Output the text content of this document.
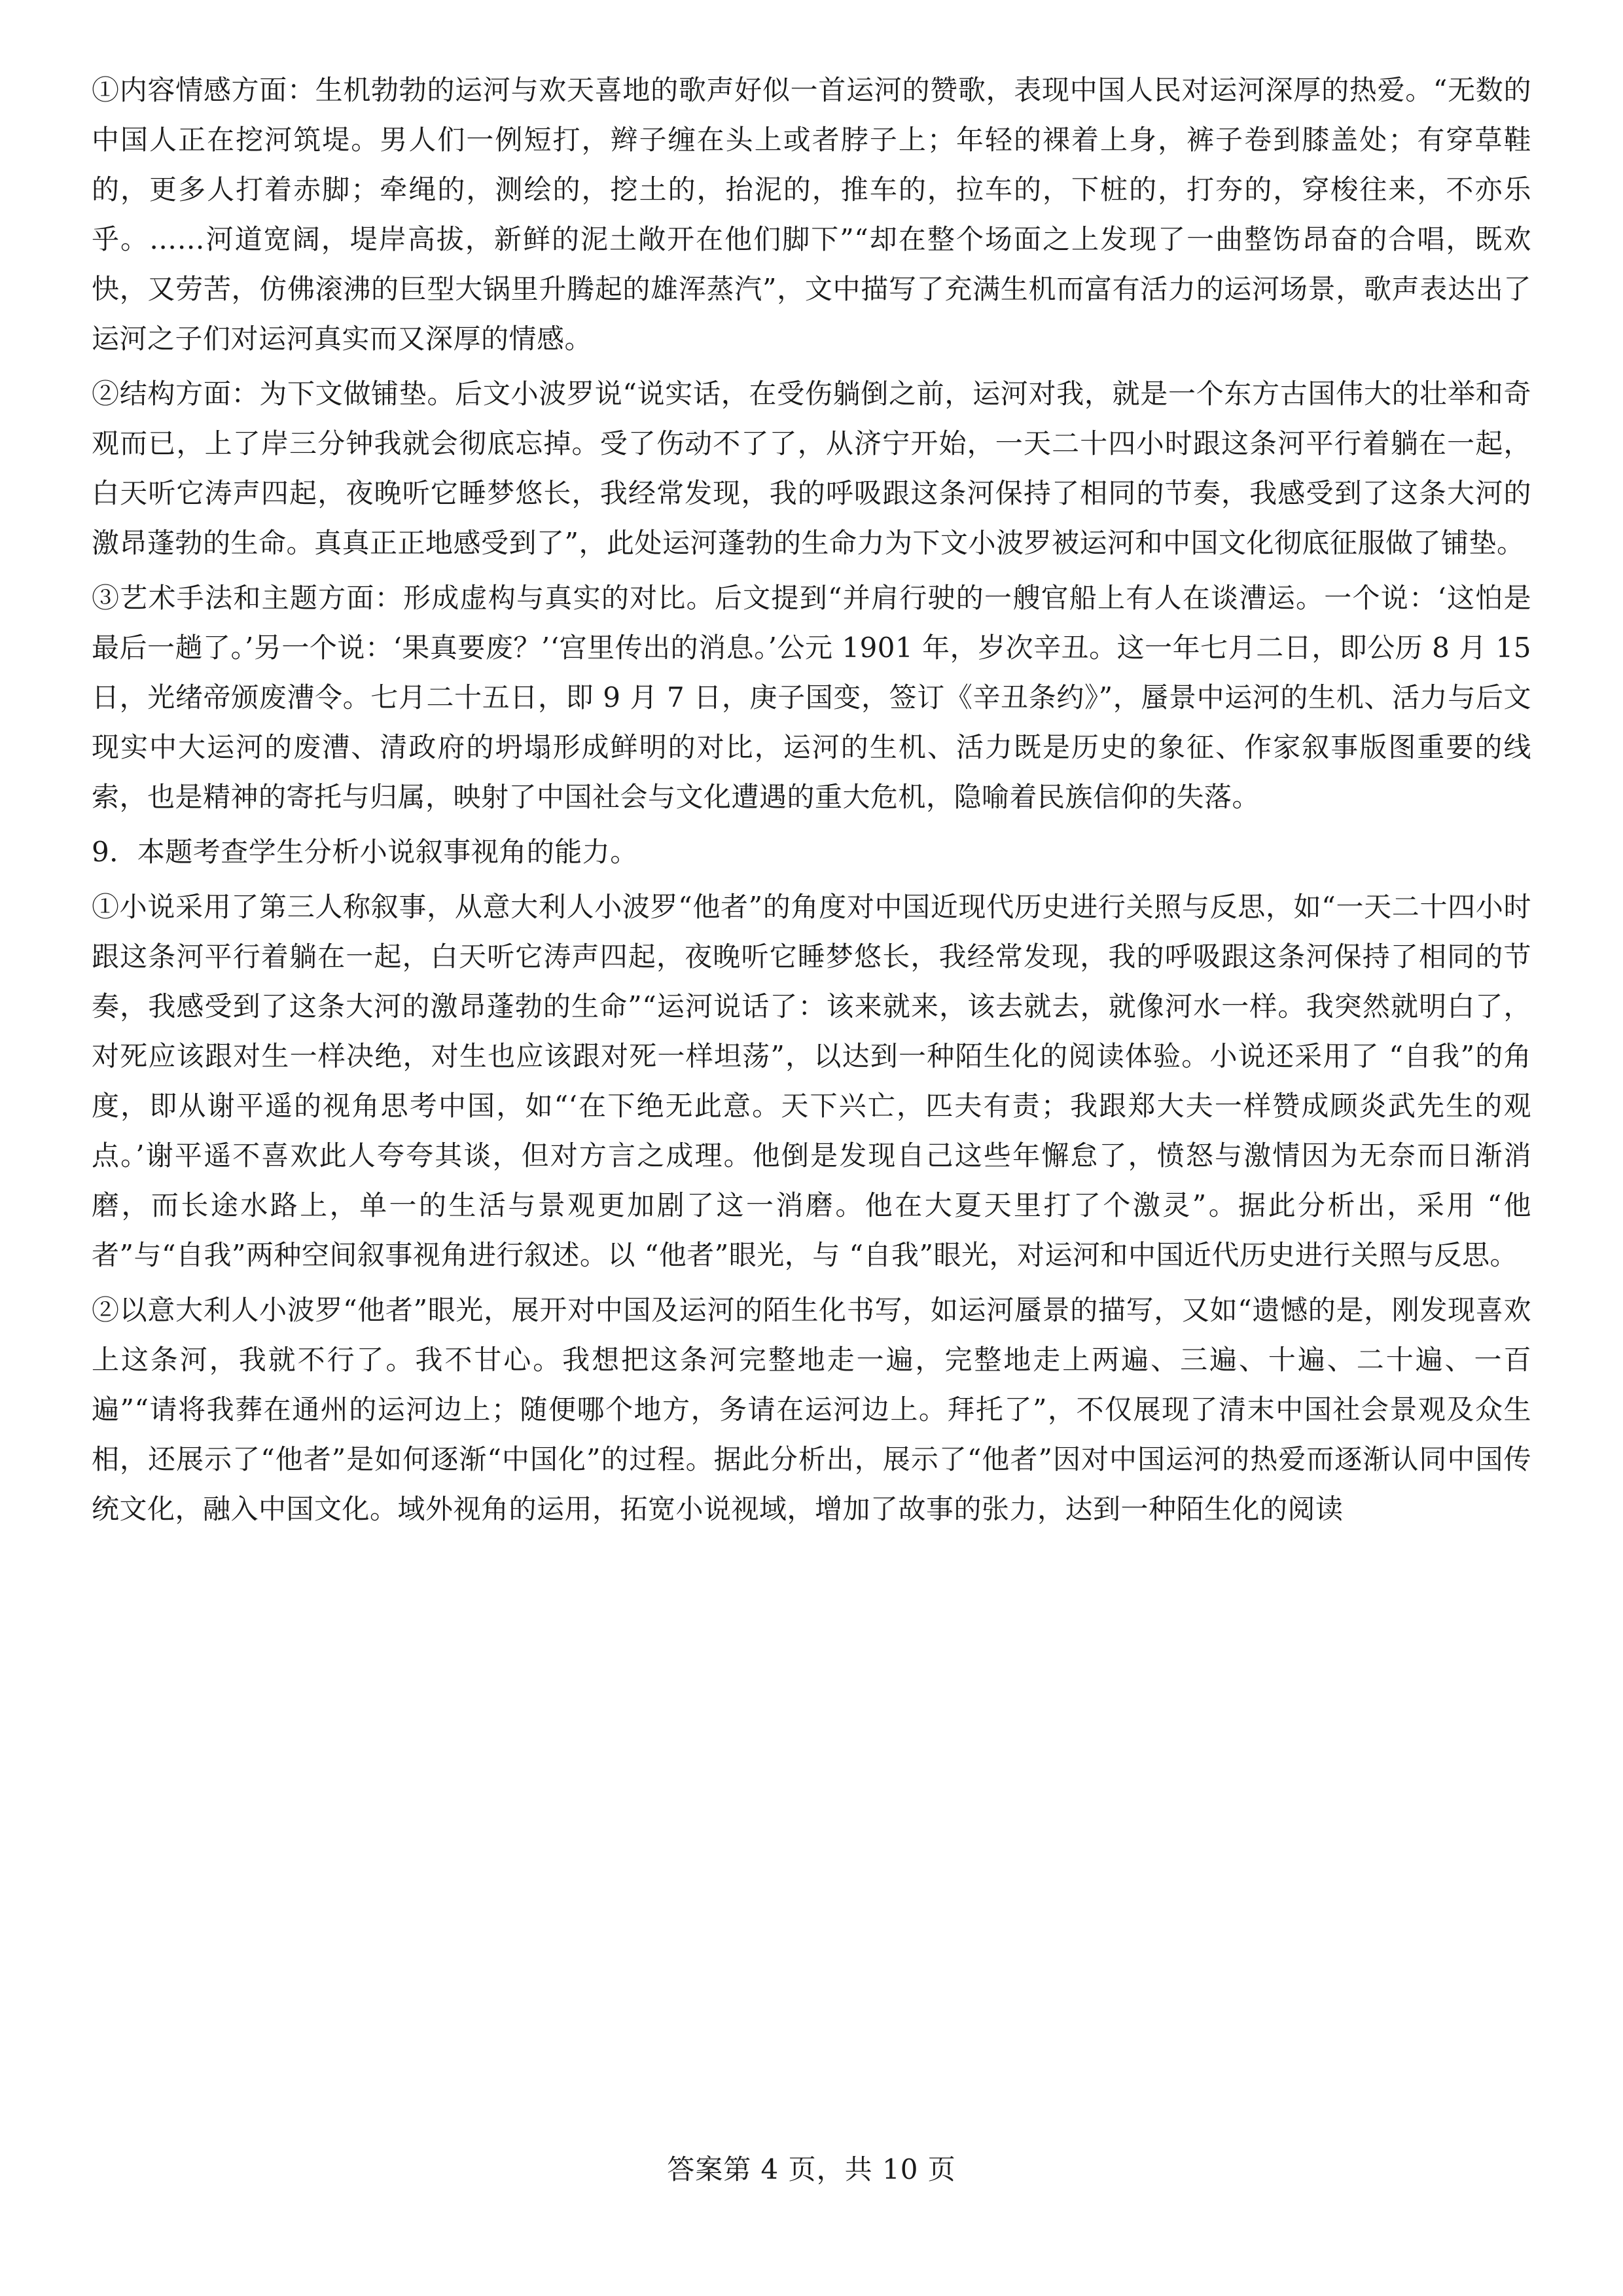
①内容情感方面：生机勃勃的运河与欢天喜地的歌声好似一首运河的赞歌，表现中国人民对运河深厚的热爱。“无数的中国人正在挖河筑堤。男人们一例短打，辫子缠在头上或者脖子上；年轻的裸着上身，裤子卷到膝盖处；有穿草鞋的，更多人打着赤脚；牵绳的，测绘的，挖土的，抬泥的，推车的，拉车的，下桩的，打夯的，穿梭往来，不亦乐乎。……河道宽阔，堤岸高拔，新鲜的泥土敞开在他们脚下”“却在整个场面之上发现了一曲整饬昂奋的合唱，既欢快，又劳苦，仿佛滚沸的巨型大锅里升腾起的雄浑蒸汽”，文中描写了充满生机而富有活力的运河场景，歌声表达出了运河之子们对运河真实而又深厚的情感。

②结构方面：为下文做铺垫。后文小波罗说“说实话，在受伤躺倒之前，运河对我，就是一个东方古国伟大的壮举和奇观而已，上了岸三分钟我就会彻底忘掉。受了伤动不了了，从济宁开始，一天二十四小时跟这条河平行着躺在一起，白天听它涛声四起，夜晚听它睡梦悠长，我经常发现，我的呼吸跟这条河保持了相同的节奏，我感受到了这条大河的激昂蓬勃的生命。真真正正地感受到了”，此处运河蓬勃的生命力为下文小波罗被运河和中国文化彻底征服做了铺垫。

③艺术手法和主题方面：形成虚构与真实的对比。后文提到“并肩行驶的一艘官船上有人在谈漕运。一个说：‘这怕是最后一趟了。’另一个说：‘果真要废？’‘宫里传出的消息。’公元 1901 年，岁次辛丑。这一年七月二日，即公历 8 月 15 日，光绪帝颁废漕令。七月二十五日，即 9 月 7 日，庚子国变，签订《辛丑条约》”，蜃景中运河的生机、活力与后文现实中大运河的废漕、清政府的坍塌形成鲜明的对比，运河的生机、活力既是历史的象征、作家叙事版图重要的线索，也是精神的寄托与归属，映射了中国社会与文化遭遇的重大危机，隐喻着民族信仰的失落。

9．本题考查学生分析小说叙事视角的能力。

①小说采用了第三人称叙事，从意大利人小波罗“他者”的角度对中国近现代历史进行关照与反思，如“一天二十四小时跟这条河平行着躺在一起，白天听它涛声四起，夜晚听它睡梦悠长，我经常发现，我的呼吸跟这条河保持了相同的节奏，我感受到了这条大河的激昂蓬勃的生命”“运河说话了：该来就来，该去就去，就像河水一样。我突然就明白了，对死应该跟对生一样决绝，对生也应该跟对死一样坦荡”，以达到一种陌生化的阅读体验。小说还采用了 “自我”的角度，即从谢平遥的视角思考中国，如“‘在下绝无此意。天下兴亡，匹夫有责；我跟郑大夫一样赞成顾炎武先生的观点。’谢平遥不喜欢此人夸夸其谈，但对方言之成理。他倒是发现自己这些年懈怠了，愤怒与激情因为无奈而日渐消磨，而长途水路上，单一的生活与景观更加剧了这一消磨。他在大夏天里打了个激灵”。据此分析出，采用 “他者”与“自我”两种空间叙事视角进行叙述。以 “他者”眼光，与 “自我”眼光，对运河和中国近代历史进行关照与反思。

②以意大利人小波罗“他者”眼光，展开对中国及运河的陌生化书写，如运河蜃景的描写，又如“遗憾的是，刚发现喜欢上这条河，我就不行了。我不甘心。我想把这条河完整地走一遍，完整地走上两遍、三遍、十遍、二十遍、一百遍”“请将我葬在通州的运河边上；随便哪个地方，务请在运河边上。拜托了”，不仅展现了清末中国社会景观及众生相，还展示了“他者”是如何逐渐“中国化”的过程。据此分析出，展示了“他者”因对中国运河的热爱而逐渐认同中国传统文化，融入中国文化。域外视角的运用，拓宽小说视域，增加了故事的张力，达到一种陌生化的阅读

答案第 4 页，共 10 页
